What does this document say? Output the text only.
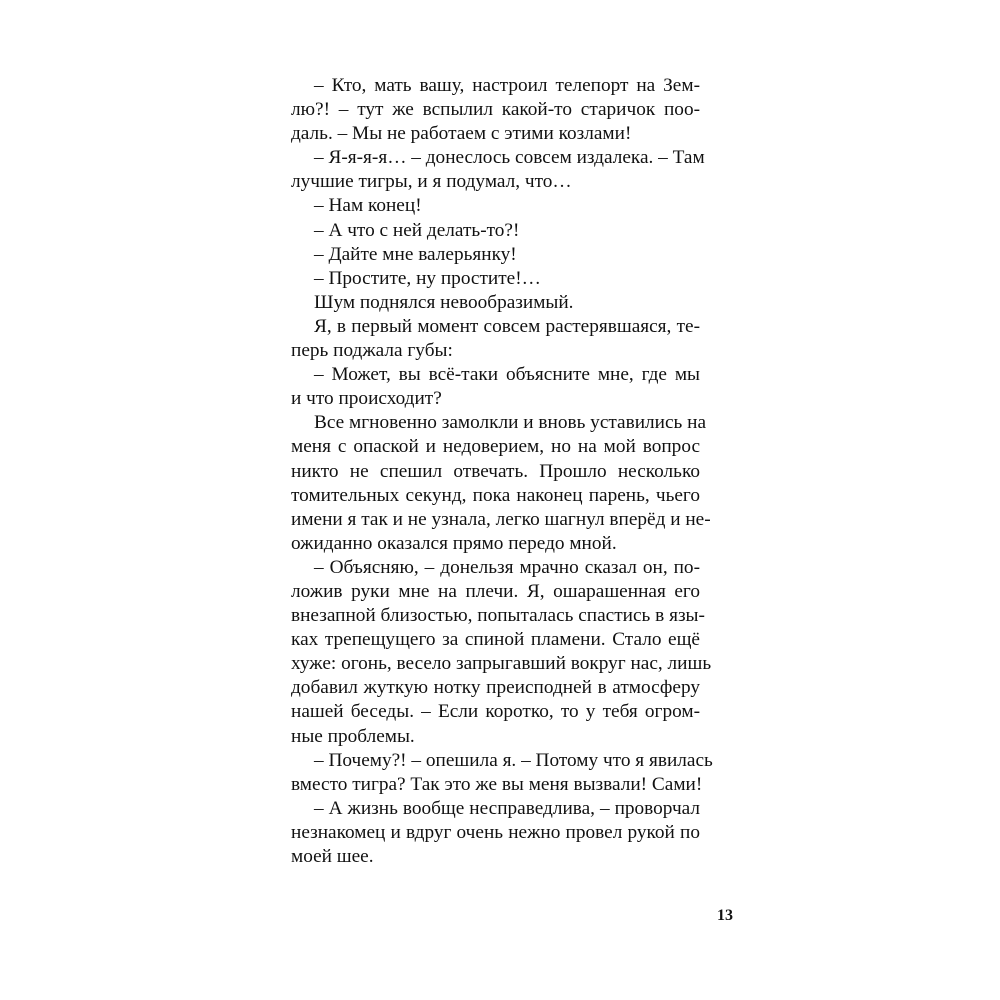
– Кто, мать вашу, настроил телепорт на Зем-
лю?! – тут же вспылил какой-то старичок поо-
даль. – Мы не работаем с этими козлами!
– Я-я-я-я… – донеслось совсем издалека. – Там
лучшие тигры, и я подумал, что…
– Нам конец!
– А что с ней делать-то?!
– Дайте мне валерьянку!
– Простите, ну простите!…
Шум поднялся невообразимый.
Я, в первый момент совсем растерявшаяся, те-
перь поджала губы:
– Может, вы всё-таки объясните мне, где мы
и что происходит?
Все мгновенно замолкли и вновь уставились на
меня с опаской и недоверием, но на мой вопрос
никто не спешил отвечать. Прошло несколько
томительных секунд, пока наконец парень, чьего
имени я так и не узнала, легко шагнул вперёд и не-
ожиданно оказался прямо передо мной.
– Объясняю, – донельзя мрачно сказал он, по-
ложив руки мне на плечи. Я, ошарашенная его
внезапной близостью, попыталась спастись в язы-
ках трепещущего за спиной пламени. Стало ещё
хуже: огонь, весело запрыгавший вокруг нас, лишь
добавил жуткую нотку преисподней в атмосферу
нашей беседы. – Если коротко, то у тебя огром-
ные проблемы.
– Почему?! – опешила я. – Потому что я явилась
вместо тигра? Так это же вы меня вызвали! Сами!
– А жизнь вообще несправедлива, – проворчал
незнакомец и вдруг очень нежно провел рукой по
моей шее.
13
